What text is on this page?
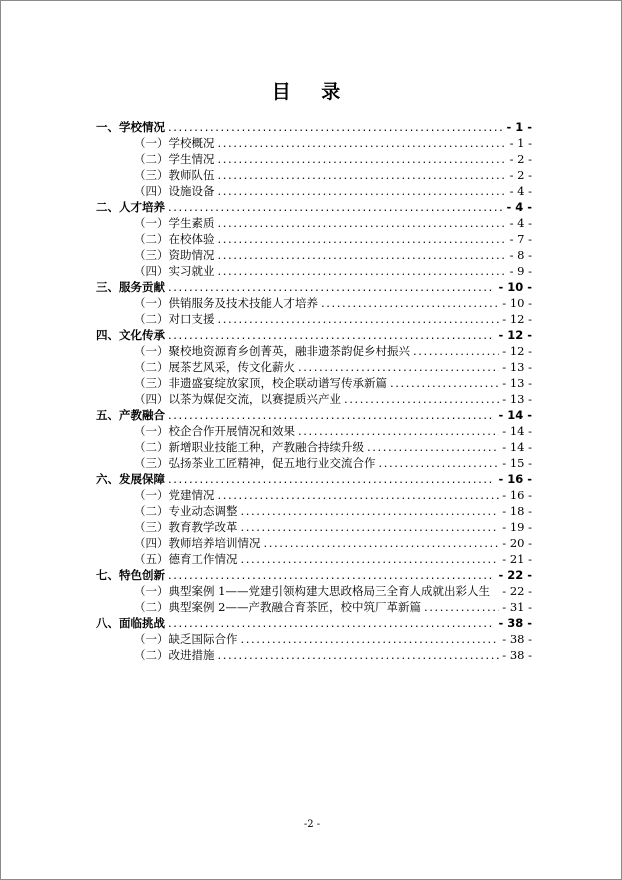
目 录
一、学校情况 .....	- 1 -
（一）学校概况 .....	- 1 -
（二）学生情况 .....	- 2 -
（三）教师队伍 .....	- 2 -
（四）设施设备 .....	- 4 -
二、人才培养 .....	- 4 -
（一）学生素质 .....	- 4 -
（二）在校体验 .....	- 7 -
（三）资助情况 .....	- 8 -
（四）实习就业 .....	- 9 -
三、服务贡献 .....	- 10 -
（一）供销服务及技术技能人才培养 .....	- 10 -
（二）对口支援 .....	- 12 -
四、文化传承 .....	- 12 -
（一）聚校地资源育乡创菁英，融非遗茶韵促乡村振兴 .....	- 12 -
（二）展茶艺风采，传文化薪火 .....	- 13 -
（三）非遗盛宴绽放家顶，校企联动谱写传承新篇 .....	- 13 -
（四）以茶为媒促交流，以赛提质兴产业 .....	- 13 -
五、产教融合 .....	- 14 -
（一）校企合作开展情况和效果 .....	- 14 -
（二）新增职业技能工种，产教融合持续升级 .....	- 14 -
（三）弘扬茶业工匠精神，促五地行业交流合作 .....	- 15 -
六、发展保障 .....	- 16 -
（一）党建情况 .....	- 16 -
（二）专业动态调整 .....	- 18 -
（三）教育教学改革 .....	- 19 -
（四）教师培养培训情况 .....	- 20 -
（五）德育工作情况 .....	- 21 -
七、特色创新 .....	- 22 -
（一）典型案例 1——党建引领构建大思政格局三全育人成就出彩人生 - 22 -
（二）典型案例 2——产教融合育茶匠，校中筑厂革新篇 .....	- 31 -
八、面临挑战 .....	- 38 -
（一）缺乏国际合作 .....	- 38 -
（二）改进措施 .....	- 38 -
-2 -
